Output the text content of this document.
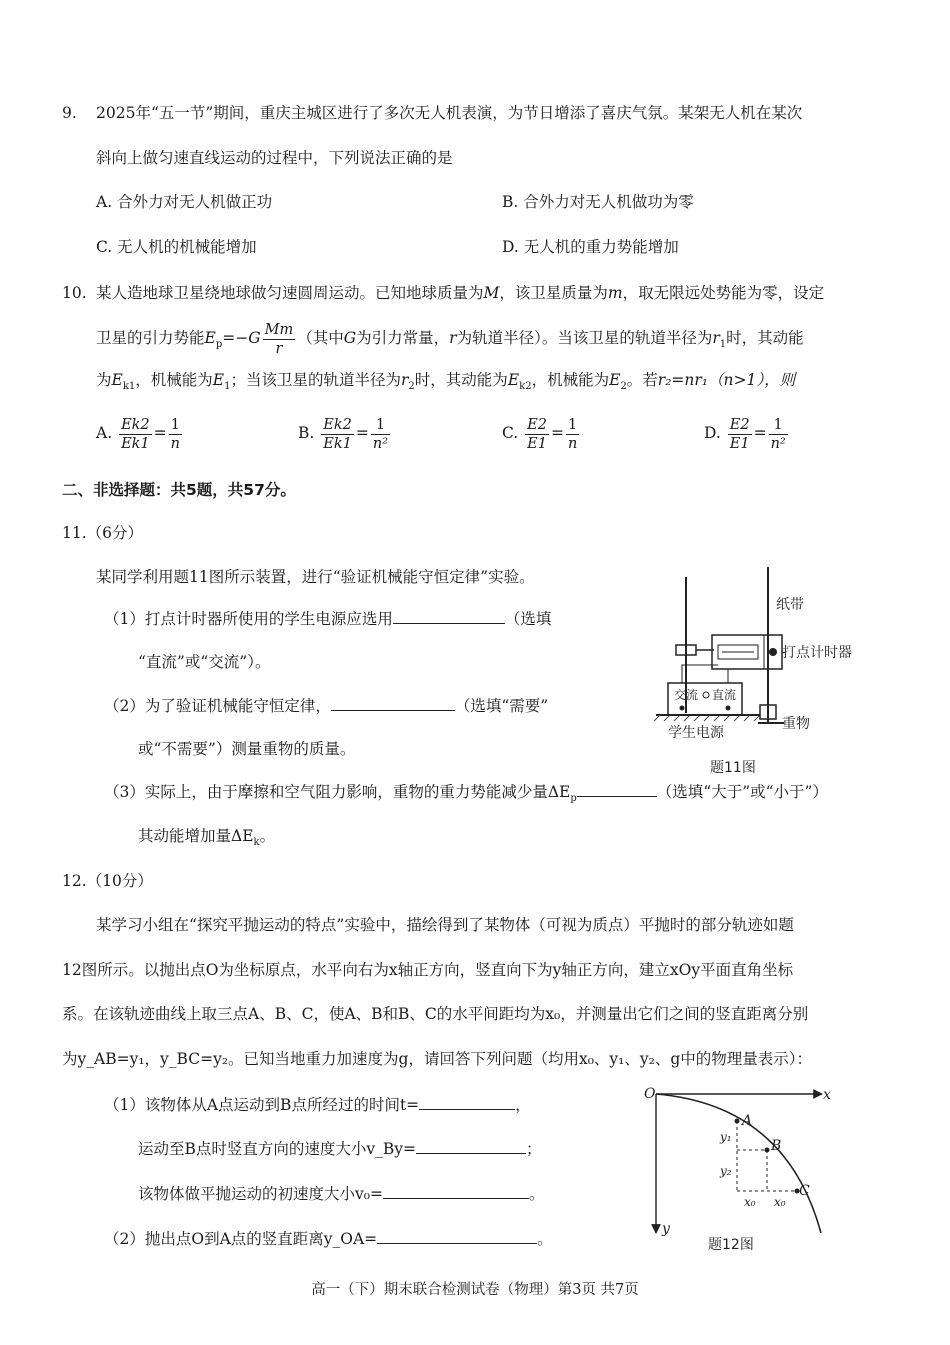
9. 2025年“五一节”期间，重庆主城区进行了多次无人机表演，为节日增添了喜庆气氛。某架无人机在某次
斜向上做匀速直线运动的过程中，下列说法正确的是
A. 合外力对无人机做正功	B. 合外力对无人机做功为零
C. 无人机的机械能增加	D. 无人机的重力势能增加
10. 某人造地球卫星绕地球做匀速圆周运动。已知地球质量为M，该卫星质量为m，取无限远处势能为零，设定
卫星的引力势能$E_p=-G \frac{Mm}{r}$ （其中G为引力常量，r为轨道半径）。当该卫星的轨道半径为$r_1$时，其动能
为$E_{k1}$，机械能为$E_1$；当该卫星的轨道半径为$r_2$时，其动能为$E_{k2}$，机械能为$E_2$。若r₂=nr₁（n>1），则
A. $\frac{Ek2}{Ek1} = \frac{1}{n}$	B. $\frac{Ek2}{Ek1} = \frac{1}{\text{n²}}$	C. $\frac{E2}{E1} = \frac{1}{n}$	D. $\frac{E2}{E1} = \frac{1}{\text{n²}}$
二、非选择题：共5题，共57分。
11.（6分）
某同学利用题11图所示装置，进行“验证机械能守恒定律”实验。
（1）打点计时器所使用的学生电源应选用	（选填
“直流”或“交流”）。
（2）为了验证机械能守恒定律，	（选填“需要”
或“不需要”）测量重物的质量。
（3）实际上，由于摩擦和空气阻力影响，重物的重力势能减少量$\Delta E_p$	（选填“大于”或“小于”）
其动能增加量$\Delta E_k$。
交流 直流
学生电源
纸带
打点计时器
重物
题11图
12.（10分）
某学习小组在“探究平抛运动的特点”实验中，描绘得到了某物体（可视为质点）平抛时的部分轨迹如题
12图所示。以抛出点O为坐标原点，水平向右为x轴正方向，竖直向下为y轴正方向，建立xOy平面直角坐标
系。在该轨迹曲线上取三点A、B、C，使A、B和B、C的水平间距均为x₀，并测量出它们之间的竖直距离分别
为y_AB=y₁，y_BC=y₂。已知当地重力加速度为g，请回答下列问题（均用x₀、y₁、y₂、g中的物理量表示）：
（1）该物体从A点运动到B点所经过的时间t=	，
运动至B点时竖直方向的速度大小v_By=	；
该物体做平抛运动的初速度大小v₀=	。
（2）抛出点O到A点的竖直距离y_OA=	。
O	x
y
A
B
C
y₁
y₂
x₀ x₀
题12图
高一（下）期末联合检测试卷（物理）第3页 共7页
